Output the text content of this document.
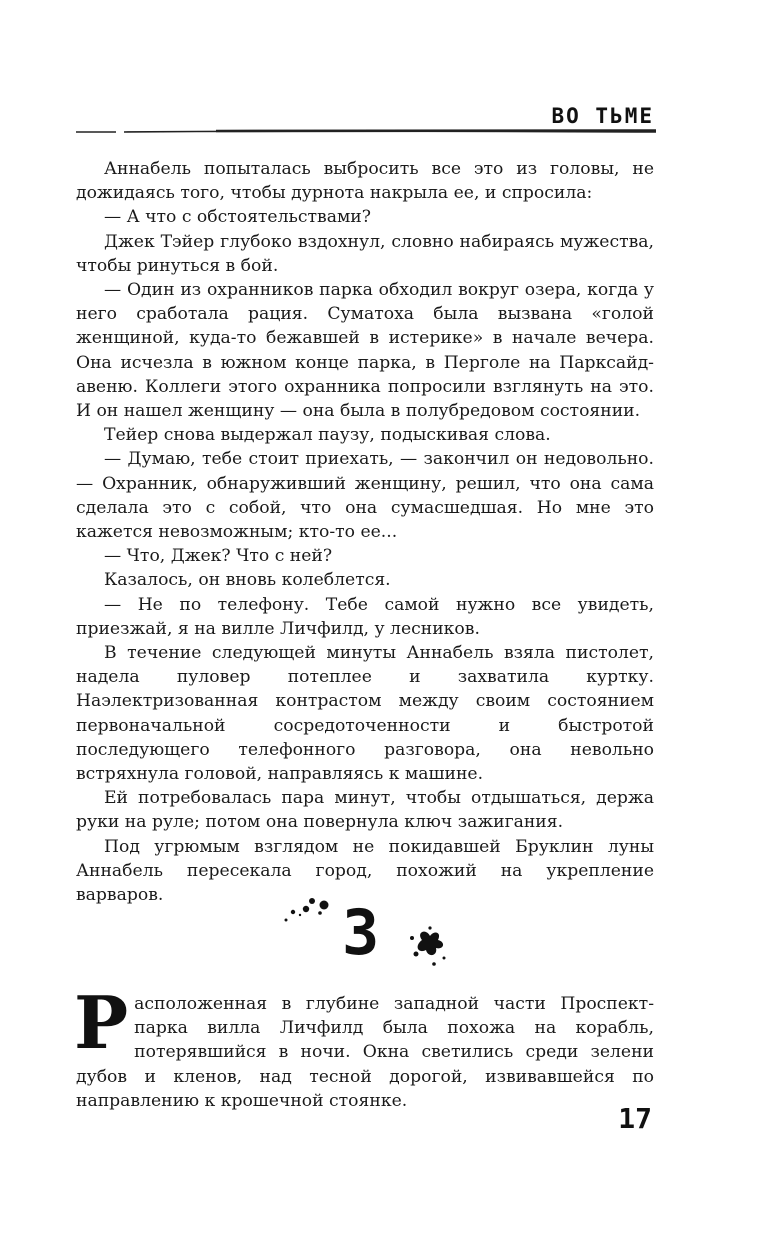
ВО ТЬМЕ

Аннабель попыталась выбросить все это из головы, не дожидаясь того, чтобы дурнота накрыла ее, и спросила:

— А что с обстоятельствами?

Джек Тэйер глубоко вздохнул, словно набираясь мужества, чтобы ринуться в бой.

— Один из охранников парка обходил вокруг озера, когда у него сработала рация. Суматоха была вызвана «голой женщиной, куда-то бежавшей в истерике» в начале вечера. Она исчезла в южном конце парка, в Перголе на Парксайд-авеню. Коллеги этого охранника попросили взглянуть на это. И он нашел женщину — она была в полубредовом состоянии.

Тейер снова выдержал паузу, подыскивая слова.

— Думаю, тебе стоит приехать, — закончил он недовольно. — Охранник, обнаруживший женщину, решил, что она сама сделала это с собой, что она сумасшедшая. Но мне это кажется невозможным; кто-то ее...

— Что, Джек? Что с ней?

Казалось, он вновь колеблется.

— Не по телефону. Тебе самой нужно все увидеть, приезжай, я на вилле Личфилд, у лесников.

В течение следующей минуты Аннабель взяла пистолет, надела пуловер потеплее и захватила куртку. Наэлектризованная контрастом между своим состоянием первоначальной сосредоточенности и быстротой последующего телефонного разговора, она невольно встряхнула головой, направляясь к машине.

Ей потребовалась пара минут, чтобы отдышаться, держа руки на руле; потом она повернула ключ зажигания.

Под угрюмым взглядом не покидавшей Бруклин луны Аннабель пересекала город, похожий на укрепление варваров.

3
Р асположенная в глубине западной части Проспект-парка вилла Личфилд была похожа на корабль, потерявшийся в ночи. Окна светились среди зелени дубов и кленов, над тесной дорогой, извивавшейся по направлению к крошечной стоянке.

17
